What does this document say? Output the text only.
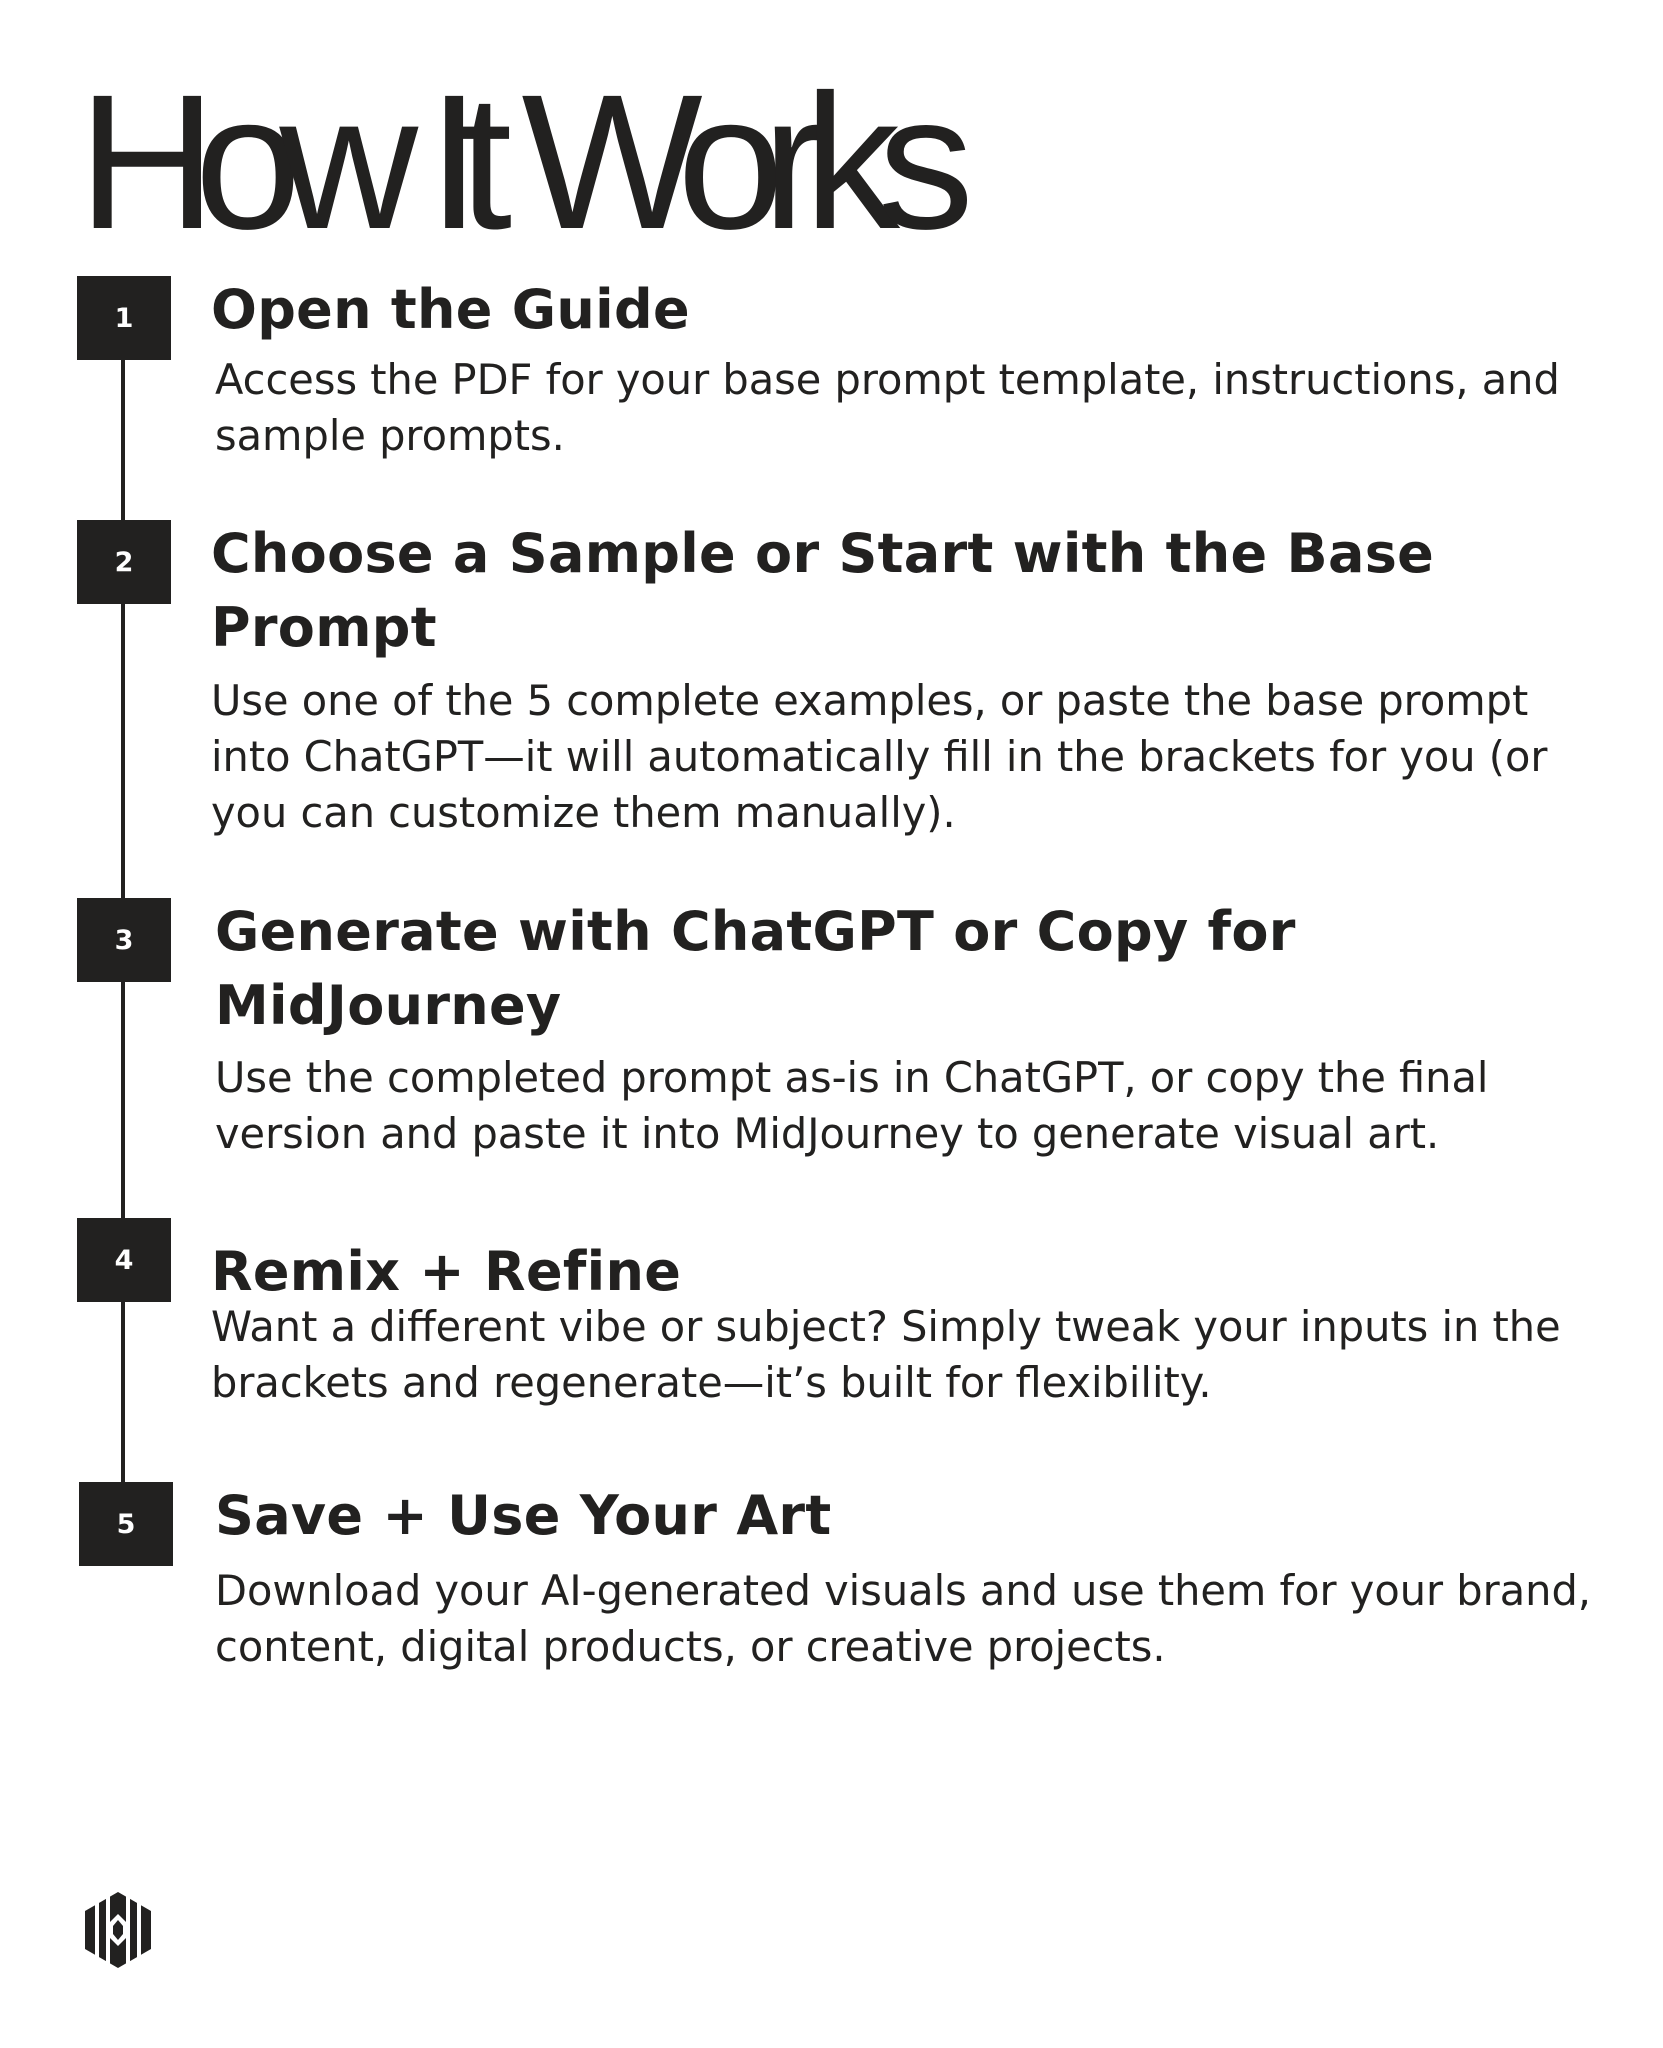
How It Works
1	Open the Guide

Access the PDF for your base prompt template, instructions, and sample prompts.

2	Choose a Sample or Start with the Base Prompt

Use one of the 5 complete examples, or paste the base prompt into ChatGPT—it will automatically fill in the brackets for you (or you can customize them manually).

3	Generate with ChatGPT or Copy for MidJourney

Use the completed prompt as-is in ChatGPT, or copy the final version and paste it into MidJourney to generate visual art.

4	Remix + Refine

Want a different vibe or subject? Simply tweak your inputs in the brackets and regenerate—it’s built for flexibility.

5	Save + Use Your Art

Download your AI-generated visuals and use them for your brand, content, digital products, or creative projects.
